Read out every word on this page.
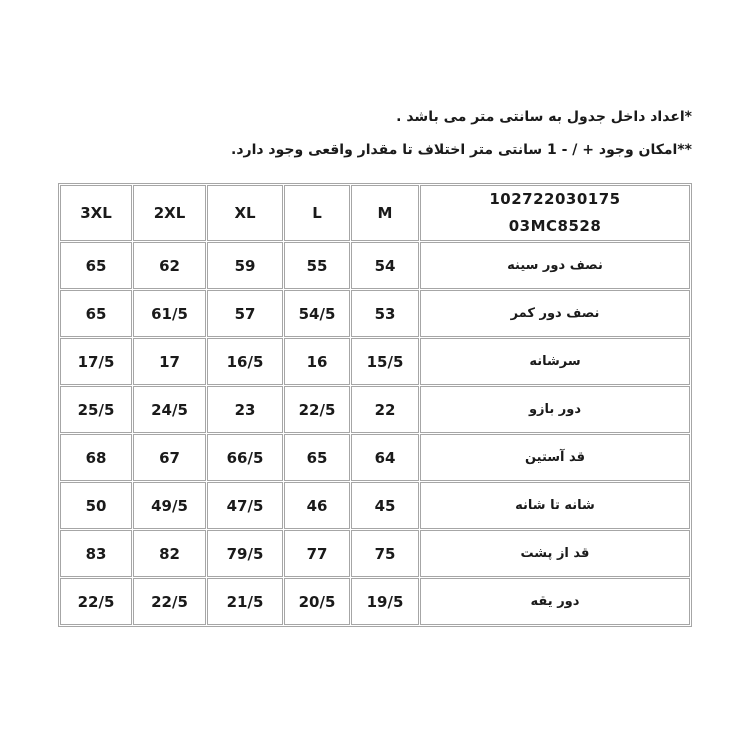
*اعداد داخل جدول به سانتی متر می باشد .
**امکان وجود + / - 1 سانتی متر اختلاف تا مقدار واقعی وجود دارد.
3XL	2XL	XL	L	M	102722030175
03MC8528

65	62	59	55	54	نصف دور سینه
65	61/5	57	54/5	53	نصف دور کمر
17/5	17	16/5	16	15/5	سرشانه
25/5	24/5	23	22/5	22	دور بازو
68	67	66/5	65	64	قد آستین
50	49/5	47/5	46	45	شانه تا شانه
83	82	79/5	77	75	قد از پشت
22/5	22/5	21/5	20/5	19/5	دور یقه
